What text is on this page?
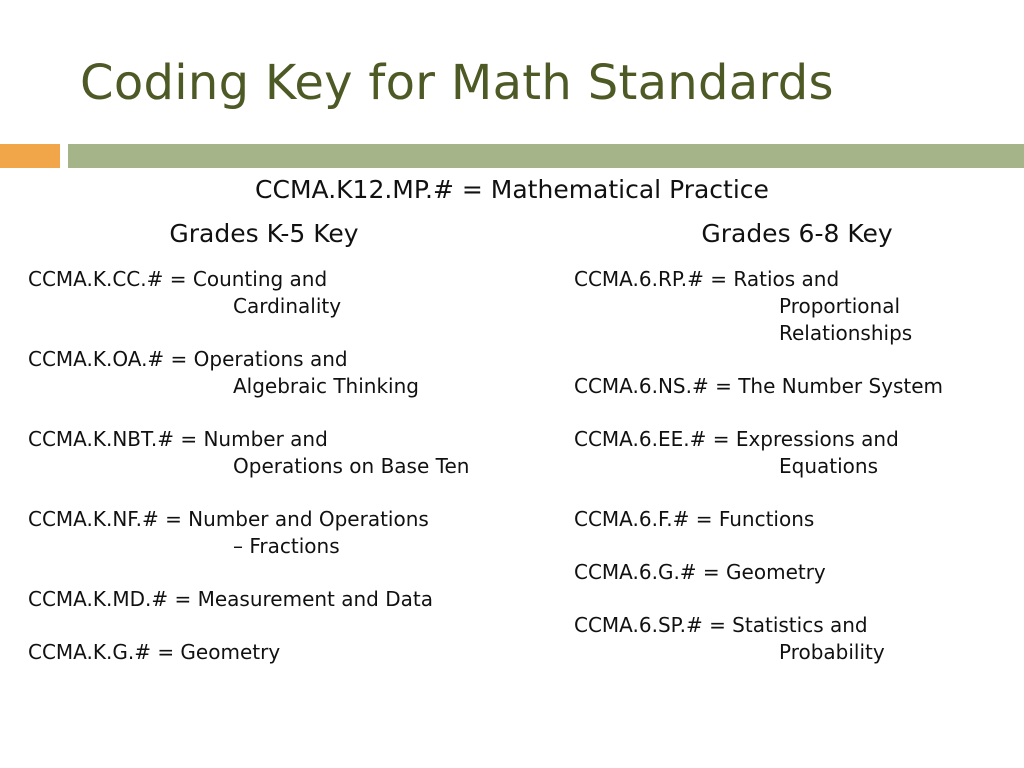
Coding Key for Math Standards
CCMA.K12.MP.# = Mathematical Practice
Grades K-5 Key	Grades 6-8 Key
CCMA.K.CC.# = Counting and
Cardinality
CCMA.K.OA.# = Operations and
Algebraic Thinking
CCMA.K.NBT.# = Number and
Operations on Base Ten
CCMA.K.NF.# = Number and Operations
– Fractions
CCMA.K.MD.# = Measurement and Data
CCMA.K.G.# = Geometry
CCMA.6.RP.# = Ratios and
Proportional
Relationships
CCMA.6.NS.# = The Number System
CCMA.6.EE.# = Expressions and
Equations
CCMA.6.F.# = Functions
CCMA.6.G.# = Geometry
CCMA.6.SP.# = Statistics and
Probability
